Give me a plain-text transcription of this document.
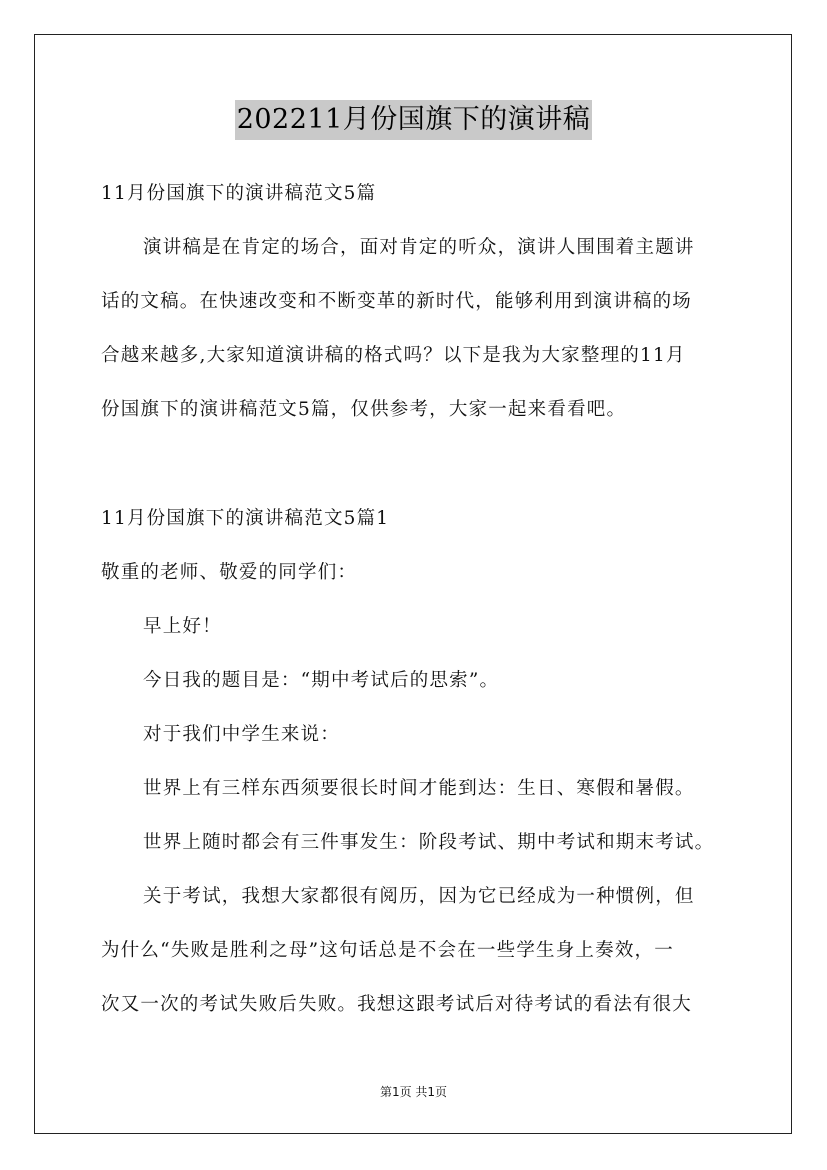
202211月份国旗下的演讲稿
11月份国旗下的演讲稿范文5篇
演讲稿是在肯定的场合，面对肯定的听众，演讲人围围着主题讲
话的文稿。在快速改变和不断变革的新时代，能够利用到演讲稿的场
合越来越多,大家知道演讲稿的格式吗？以下是我为大家整理的11月
份国旗下的演讲稿范文5篇，仅供参考，大家一起来看看吧。
11月份国旗下的演讲稿范文5篇1
敬重的老师、敬爱的同学们：
早上好！
今日我的题目是：“期中考试后的思索”。
对于我们中学生来说：
世界上有三样东西须要很长时间才能到达：生日、寒假和暑假。
世界上随时都会有三件事发生：阶段考试、期中考试和期末考试。
关于考试，我想大家都很有阅历，因为它已经成为一种惯例，但
为什么“失败是胜利之母”这句话总是不会在一些学生身上奏效，一
次又一次的考试失败后失败。我想这跟考试后对待考试的看法有很大
第1页 共1页
